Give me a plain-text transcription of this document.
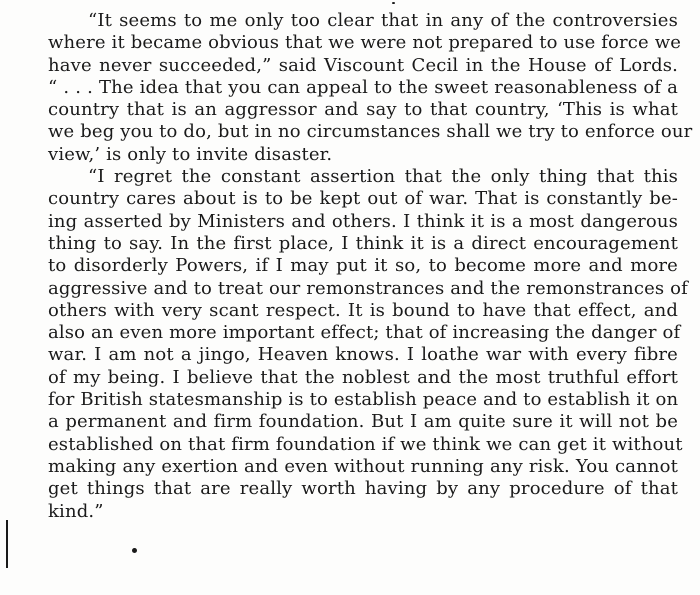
“It seems to me only too clear that in any of the controversies
where it became obvious that we were not prepared to use force we
have never succeeded,” said Viscount Cecil in the House of Lords.
“ . . . The idea that you can appeal to the sweet reasonableness of a
country that is an aggressor and say to that country, ‘This is what
we beg you to do, but in no circumstances shall we try to enforce our
view,’ is only to invite disaster.
“I regret the constant assertion that the only thing that this
country cares about is to be kept out of war. That is constantly be-
ing asserted by Ministers and others. I think it is a most dangerous
thing to say. In the first place, I think it is a direct encouragement
to disorderly Powers, if I may put it so, to become more and more
aggressive and to treat our remonstrances and the remonstrances of
others with very scant respect. It is bound to have that effect, and
also an even more important effect; that of increasing the danger of
war. I am not a jingo, Heaven knows. I loathe war with every fibre
of my being. I believe that the noblest and the most truthful effort
for British statesmanship is to establish peace and to establish it on
a permanent and firm foundation. But I am quite sure it will not be
established on that firm foundation if we think we can get it without
making any exertion and even without running any risk. You cannot
get things that are really worth having by any procedure of that
kind.”
